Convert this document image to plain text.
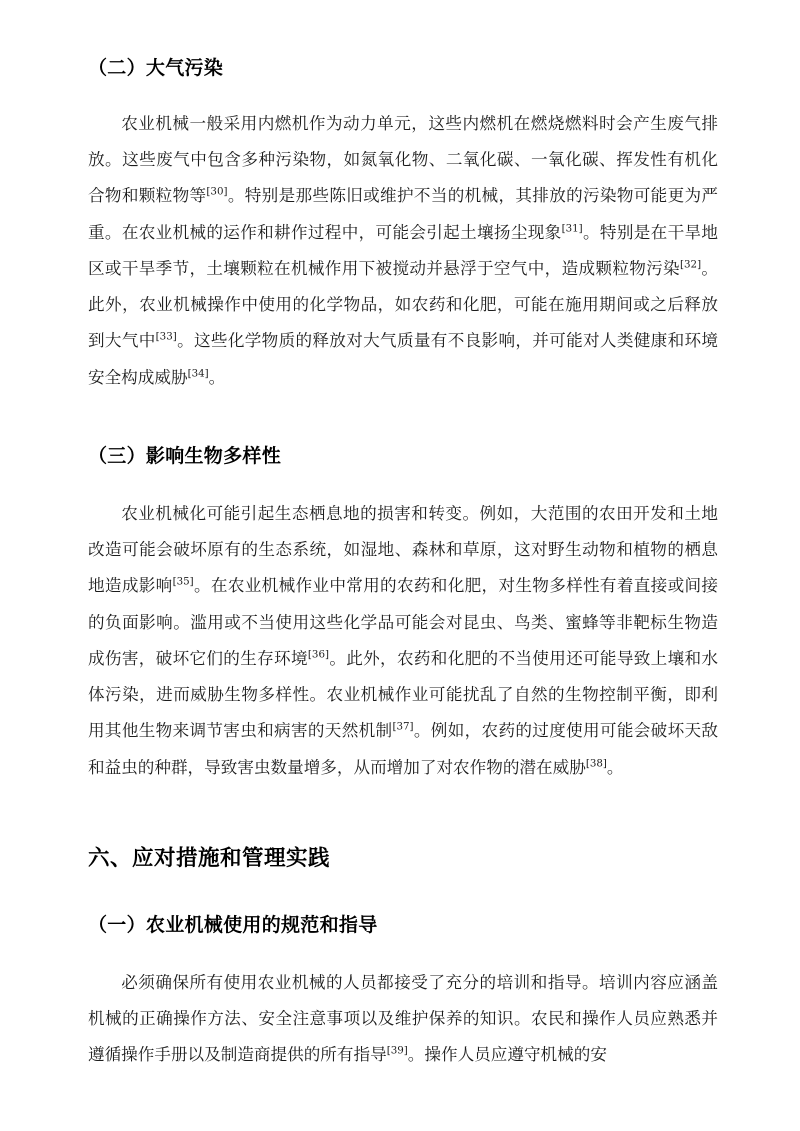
（二）大气污染

农业机械一般采用内燃机作为动力单元，这些内燃机在燃烧燃料时会产生废气排放。这些废气中包含多种污染物，如氮氧化物、二氧化碳、一氧化碳、挥发性有机化合物和颗粒物等[30]。特别是那些陈旧或维护不当的机械，其排放的污染物可能更为严重。在农业机械的运作和耕作过程中，可能会引起土壤扬尘现象[31]。特别是在干旱地区或干旱季节，土壤颗粒在机械作用下被搅动并悬浮于空气中，造成颗粒物污染[32]。此外，农业机械操作中使用的化学物品，如农药和化肥，可能在施用期间或之后释放到大气中[33]。这些化学物质的释放对大气质量有不良影响，并可能对人类健康和环境安全构成威胁[34]。

（三）影响生物多样性

农业机械化可能引起生态栖息地的损害和转变。例如，大范围的农田开发和土地改造可能会破坏原有的生态系统，如湿地、森林和草原，这对野生动物和植物的栖息地造成影响[35]。在农业机械作业中常用的农药和化肥，对生物多样性有着直接或间接的负面影响。滥用或不当使用这些化学品可能会对昆虫、鸟类、蜜蜂等非靶标生物造成伤害，破坏它们的生存环境[36]。此外，农药和化肥的不当使用还可能导致上壤和水体污染，进而威胁生物多样性。农业机械作业可能扰乱了自然的生物控制平衡，即利用其他生物来调节害虫和病害的天然机制[37]。例如，农药的过度使用可能会破坏天敌和益虫的种群，导致害虫数量增多，从而增加了对农作物的潜在威胁[38]。

六、应对措施和管理实践
（一）农业机械使用的规范和指导

必须确保所有使用农业机械的人员都接受了充分的培训和指导。培训内容应涵盖机械的正确操作方法、安全注意事项以及维护保养的知识。农民和操作人员应熟悉并遵循操作手册以及制造商提供的所有指导[39]。操作人员应遵守机械的安
